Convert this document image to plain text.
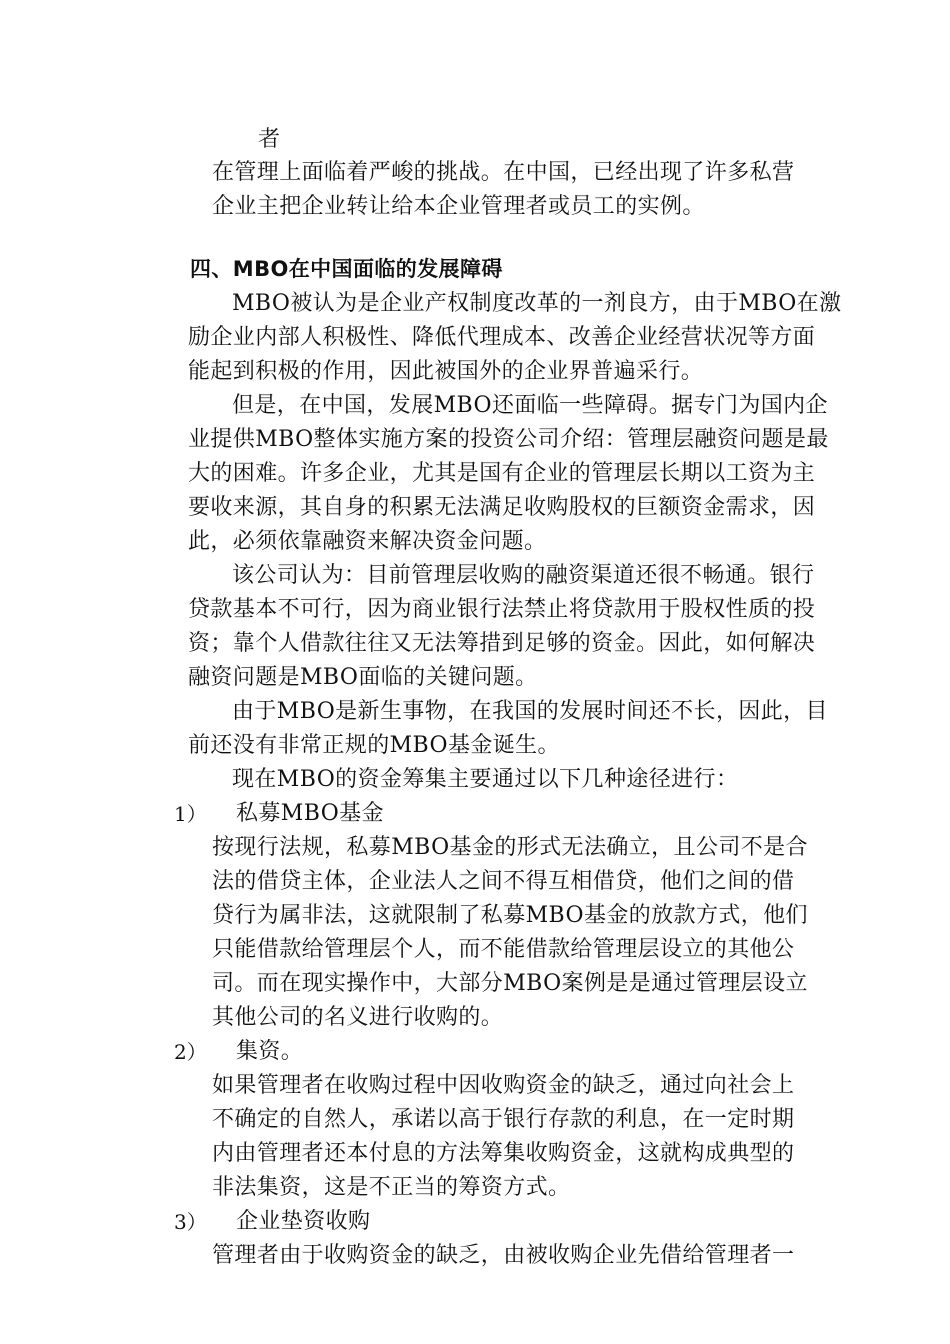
者
在管理上面临着严峻的挑战。在中国，已经出现了许多私营
企业主把企业转让给本企业管理者或员工的实例。
四、MBO在中国面临的发展障碍
MBO被认为是企业产权制度改革的一剂良方，由于MBO在激
励企业内部人积极性、降低代理成本、改善企业经营状况等方面
能起到积极的作用，因此被国外的企业界普遍采行。
但是，在中国，发展MBO还面临一些障碍。据专门为国内企
业提供MBO整体实施方案的投资公司介绍：管理层融资问题是最
大的困难。许多企业，尤其是国有企业的管理层长期以工资为主
要收来源，其自身的积累无法满足收购股权的巨额资金需求，因
此，必须依靠融资来解决资金问题。
该公司认为：目前管理层收购的融资渠道还很不畅通。银行
贷款基本不可行，因为商业银行法禁止将贷款用于股权性质的投
资；靠个人借款往往又无法筹措到足够的资金。因此，如何解决
融资问题是MBO面临的关键问题。
由于MBO是新生事物，在我国的发展时间还不长，因此，目
前还没有非常正规的MBO基金诞生。
现在MBO的资金筹集主要通过以下几种途径进行：
1） 私募MBO基金
按现行法规，私募MBO基金的形式无法确立，且公司不是合
法的借贷主体，企业法人之间不得互相借贷，他们之间的借
贷行为属非法，这就限制了私募MBO基金的放款方式，他们
只能借款给管理层个人，而不能借款给管理层设立的其他公
司。而在现实操作中，大部分MBO案例是是通过管理层设立
其他公司的名义进行收购的。
2） 集资。
如果管理者在收购过程中因收购资金的缺乏，通过向社会上
不确定的自然人，承诺以高于银行存款的利息，在一定时期
内由管理者还本付息的方法筹集收购资金，这就构成典型的
非法集资，这是不正当的筹资方式。
3） 企业垫资收购
管理者由于收购资金的缺乏，由被收购企业先借给管理者一
